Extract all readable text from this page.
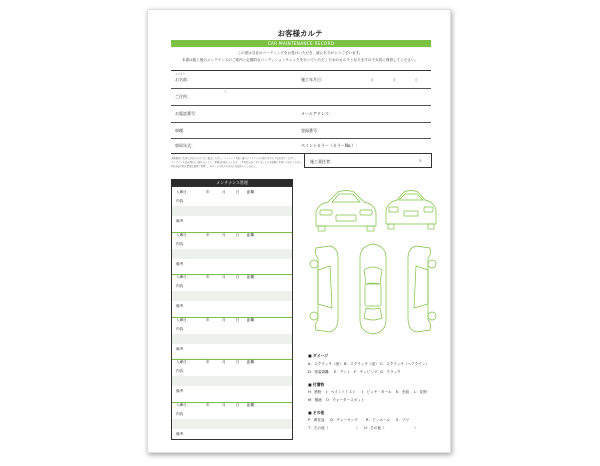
お客様カルテ
CAR MAINTENANCE RECORD
この度は当社のコーティングをお受けいただき、誠にありがとうございます。
本書は施工後のメンテナンスのご案内と定期的なコンディションチェックを行っていただくためのカルテとなりますので大切に保管してください。
フリガナ
お名前：	施工年月日：	年	月	日
〒
ご住所：
お電話番号：	メールアドレス：
車種：	登録番号：
車両年式：	ペイントカラー（カラーNo.）：
記載事項にお誤りがないか今一度ご確認ください。コーティング施工後のメンテナンスの際に本カルテをお持ちください。
メンテナンスは定期的に実施することで、効果が持続いたします。ご不明な点がございましたらお気軽にお問い合わせください。
※お客様の個人情報は適切に管理し、本サービス以外の目的には使用いたしません。
施工責任者：	印
メンテナンス管理
入庫日：	年	月	日 距離：
内容：
備考：
入庫日：	年	月	日 距離：
内容：
備考：
入庫日：	年	月	日 距離：
内容：
備考：
入庫日：	年	月	日 距離：
内容：
備考：
入庫日：	年	月	日 距離：
内容：
備考：
入庫日：	年	月	日 距離：
内容：
備考：
■ ダメージ
A：スクラッチ（深） B：スクラッチ（浅） C：スクラッチ（ヘアライン）
D：塗装剥離 E：デント F：チッピング G：クラック
■ 付着物
H：鉄粉 I：ペイントミスト J：ピッチ・タール K：虫痕 L：花粉
M：樹液 O：ウォータースポット
■ その他
P：黄変血 Q：チューキング R：ピンホール S：ブツ
T：その他（	） U：その他（	）
